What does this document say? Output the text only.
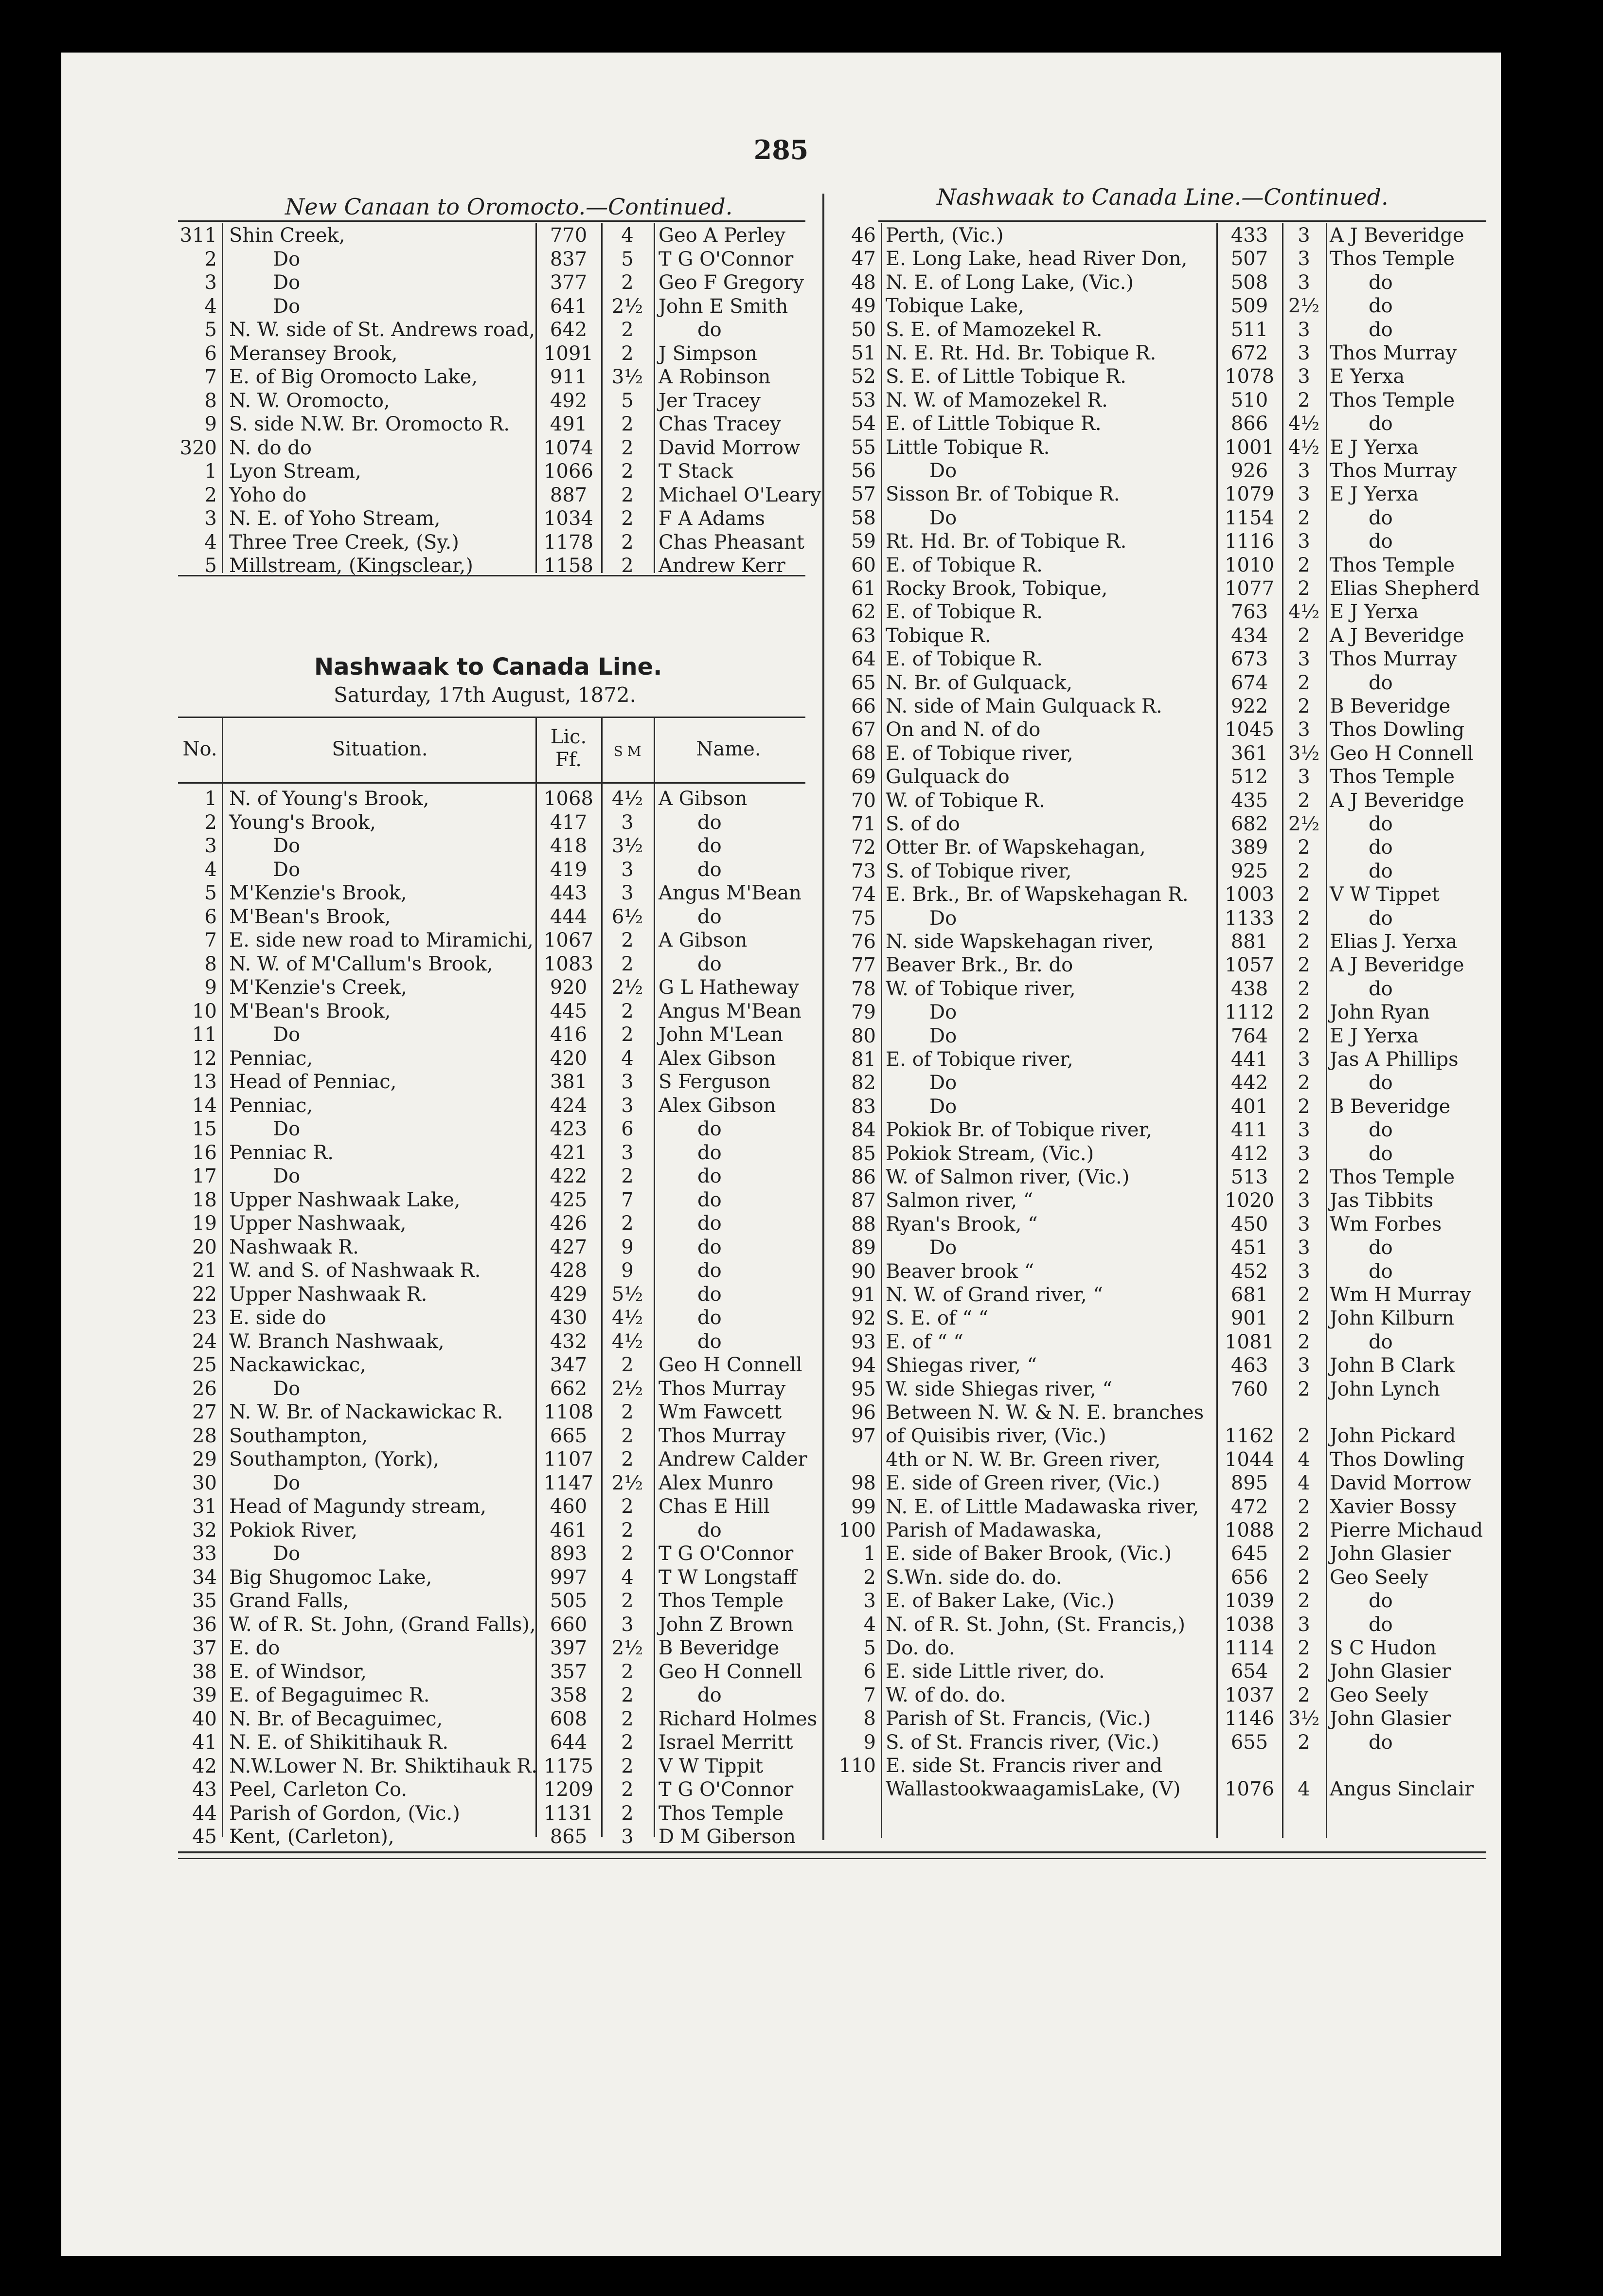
285
New Canaan to Oromocto.—Continued.	Nashwaak to Canada Line.—Continued.
Nashwaak to Canada Line.
Saturday, 17th August, 1872.
No.	Situation.
Lic.
Ff.	S M	Name.
311 Shin Creek,	770	4	Geo A Perley
2	Do	837	5	T G O'Connor
3	Do	377	2	Geo F Gregory
4	Do	641	2½ John E Smith
5 N. W. side of St. Andrews road, 642	2	do
6 Meransey Brook,	1091	2	J Simpson
7 E. of Big Oromocto Lake,	911	3½ A Robinson
8 N. W. Oromocto,	492	5	Jer Tracey
9 S. side N.W. Br. Oromocto R.	491	2	Chas Tracey
320 N. do do	1074	2	David Morrow
1 Lyon Stream,	1066	2	T Stack
2 Yoho do	887	2	Michael O'Leary
3 N. E. of Yoho Stream,	1034	2	F A Adams
4 Three Tree Creek, (Sy.)	1178	2	Chas Pheasant
5 Millstream, (Kingsclear,)	1158	2	Andrew Kerr
1 N. of Young's Brook,	1068 4½ A Gibson
2 Young's Brook,	417	3	do
3	Do	418	3½	do
4	Do	419	3	do
5 M'Kenzie's Brook,	443	3	Angus M'Bean
6 M'Bean's Brook,	444	6½	do
7 E. side new road to Miramichi, 1067	2	A Gibson
8 N. W. of M'Callum's Brook,	1083	2	do
9 M'Kenzie's Creek,	920	2½ G L Hatheway
10 M'Bean's Brook,	445	2	Angus M'Bean
11	Do	416	2	John M'Lean
12 Penniac,	420	4	Alex Gibson
13 Head of Penniac,	381	3	S Ferguson
14 Penniac,	424	3	Alex Gibson
15	Do	423	6	do
16 Penniac R.	421	3	do
17	Do	422	2	do
18 Upper Nashwaak Lake,	425	7	do
19 Upper Nashwaak,	426	2	do
20 Nashwaak R.	427	9	do
21 W. and S. of Nashwaak R.	428	9	do
22 Upper Nashwaak R.	429	5½	do
23 E. side do	430	4½	do
24 W. Branch Nashwaak,	432	4½	do
25 Nackawickac,	347	2	Geo H Connell
26	Do	662	2½ Thos Murray
27 N. W. Br. of Nackawickac R.	1108	2	Wm Fawcett
28 Southampton,	665	2	Thos Murray
29 Southampton, (York),	1107	2	Andrew Calder
30	Do	1147 2½ Alex Munro
31 Head of Magundy stream,	460	2	Chas E Hill
32 Pokiok River,	461	2	do
33	Do	893	2	T G O'Connor
34 Big Shugomoc Lake,	997	4	T W Longstaff
35 Grand Falls,	505	2	Thos Temple
36 W. of R. St. John, (Grand Falls), 660	3	John Z Brown
37 E. do	397	2½ B Beveridge
38 E. of Windsor,	357	2	Geo H Connell
39 E. of Begaguimec R.	358	2	do
40 N. Br. of Becaguimec,	608	2	Richard Holmes
41 N. E. of Shikitihauk R.	644	2	Israel Merritt
42 N.W.Lower N. Br. Shiktihauk R. 1175	2	V W Tippit
43 Peel, Carleton Co.	1209	2	T G O'Connor
44 Parish of Gordon, (Vic.)	1131	2	Thos Temple
45 Kent, (Carleton),	865	3	D M Giberson
46 Perth, (Vic.)	433	3	A J Beveridge
47 E. Long Lake, head River Don,	507	3	Thos Temple
48 N. E. of Long Lake, (Vic.)	508	3	do
49 Tobique Lake,	509	2½	do
50 S. E. of Mamozekel R.	511	3	do
51 N. E. Rt. Hd. Br. Tobique R.	672	3	Thos Murray
52 S. E. of Little Tobique R.	1078	3	E Yerxa
53 N. W. of Mamozekel R.	510	2	Thos Temple
54 E. of Little Tobique R.	866	4½	do
55 Little Tobique R.	1001 4½ E J Yerxa
56	Do	926	3	Thos Murray
57 Sisson Br. of Tobique R.	1079	3	E J Yerxa
58	Do	1154	2	do
59 Rt. Hd. Br. of Tobique R.	1116	3	do
60 E. of Tobique R.	1010	2	Thos Temple
61 Rocky Brook, Tobique,	1077	2	Elias Shepherd
62 E. of Tobique R.	763	4½ E J Yerxa
63 Tobique R.	434	2	A J Beveridge
64 E. of Tobique R.	673	3	Thos Murray
65 N. Br. of Gulquack,	674	2	do
66 N. side of Main Gulquack R.	922	2	B Beveridge
67 On and N. of do	1045	3	Thos Dowling
68 E. of Tobique river,	361	3½ Geo H Connell
69 Gulquack do	512	3	Thos Temple
70 W. of Tobique R.	435	2	A J Beveridge
71 S. of do	682	2½	do
72 Otter Br. of Wapskehagan,	389	2	do
73 S. of Tobique river,	925	2	do
74 E. Brk., Br. of Wapskehagan R.	1003	2	V W Tippet
75	Do	1133	2	do
76 N. side Wapskehagan river,	881	2	Elias J. Yerxa
77 Beaver Brk., Br. do	1057	2	A J Beveridge
78 W. of Tobique river,	438	2	do
79	Do	1112	2	John Ryan
80	Do	764	2	E J Yerxa
81 E. of Tobique river,	441	3	Jas A Phillips
82	Do	442	2	do
83	Do	401	2	B Beveridge
84 Pokiok Br. of Tobique river,	411	3	do
85 Pokiok Stream, (Vic.)	412	3	do
86 W. of Salmon river, (Vic.)	513	2	Thos Temple
87 Salmon river, “	1020	3	Jas Tibbits
88 Ryan's Brook, “	450	3	Wm Forbes
89	Do	451	3	do
90 Beaver brook “	452	3	do
91 N. W. of Grand river, “	681	2	Wm H Murray
92 S. E. of “ “	901	2	John Kilburn
93 E. of “ “	1081	2	do
94 Shiegas river, “	463	3	John B Clark
95 W. side Shiegas river, “	760	2	John Lynch
96 Between N. W. & N. E. branches
97 of Quisibis river, (Vic.)	1162	2	John Pickard
4th or N. W. Br. Green river,	1044	4	Thos Dowling
98 E. side of Green river, (Vic.)	895	4	David Morrow
99 N. E. of Little Madawaska river,	472	2	Xavier Bossy
100 Parish of Madawaska,	1088	2	Pierre Michaud
1 E. side of Baker Brook, (Vic.)	645	2	John Glasier
2 S.Wn. side do. do.	656	2	Geo Seely
3 E. of Baker Lake, (Vic.)	1039	2	do
4 N. of R. St. John, (St. Francis,)	1038	3	do
5 Do. do.	1114	2	S C Hudon
6 E. side Little river, do.	654	2	John Glasier
7 W. of do. do.	1037	2	Geo Seely
8 Parish of St. Francis, (Vic.)	1146 3½ John Glasier
9 S. of St. Francis river, (Vic.)	655	2	do
110 E. side St. Francis river and
WallastookwaagamisLake, (V)	1076	4	Angus Sinclair
